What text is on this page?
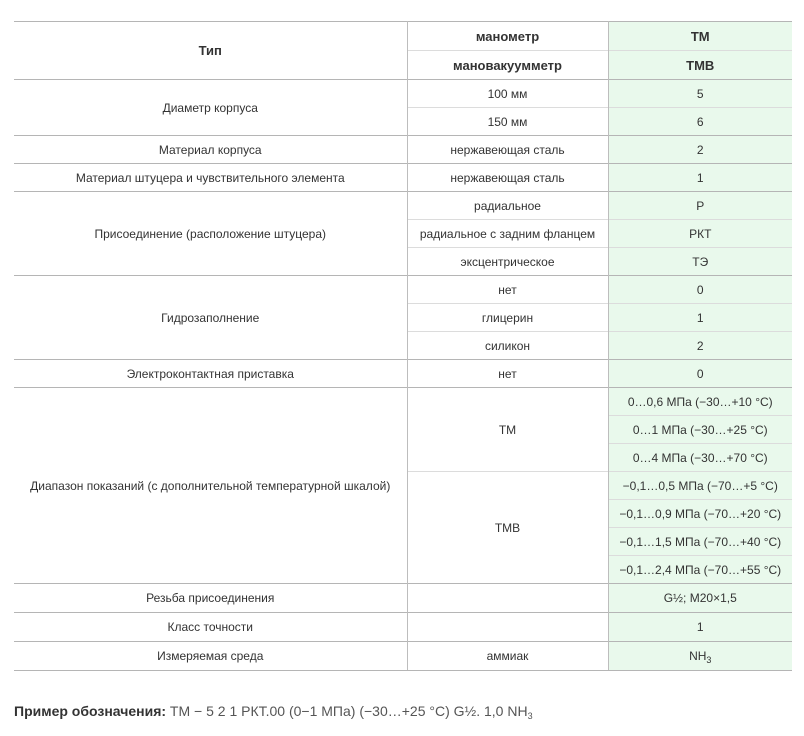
Тип	манометр	ТМ
	мановакуумметр	ТМВ
Диаметр корпуса	100 мм	5
	150 мм	6
Материал корпуса	нержавеющая сталь	2
Материал штуцера и чувствительного элемента	нержавеющая сталь	1
Присоединение (расположение штуцера)	радиальное	Р
	радиальное с задним фланцем	РКТ
	эксцентрическое	ТЭ
Гидрозаполнение	нет	0
	глицерин	1
	силикон	2
Электроконтактная приставка	нет	0
Диапазон показаний (с дополнительной температурной шкалой)	ТМ	0…0,6 МПа (−30…+10 °C)
		0…1 МПа (−30…+25 °C)
		0…4 МПа (−30…+70 °C)
	ТМВ	−0,1…0,5 МПа (−70…+5 °C)
		−0,1…0,9 МПа (−70…+20 °C)
		−0,1…1,5 МПа (−70…+40 °C)
		−0,1…2,4 МПа (−70…+55 °C)
Резьба присоединения		G½; М20×1,5
Класс точности		1
Измеряемая среда	аммиак	$NH_3$
Пример обозначения: ТМ − 5 2 1 РКТ.00 (0−1 МПа) (−30…+25 °C) G½. 1,0 $NH_3$
